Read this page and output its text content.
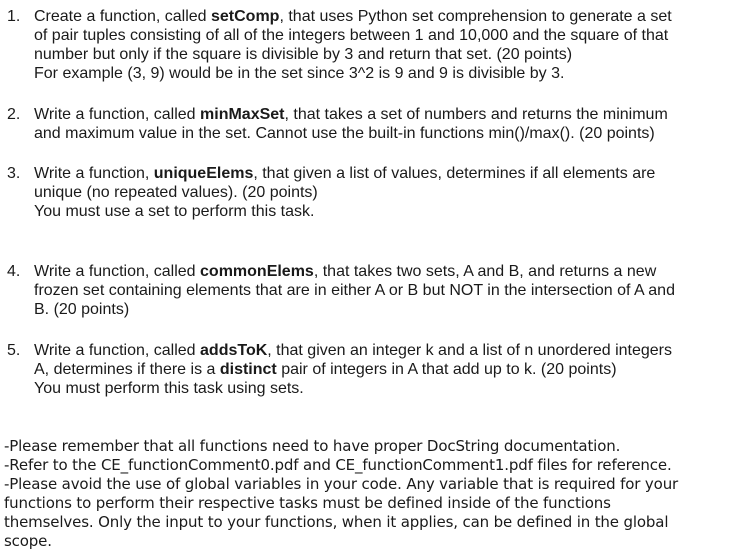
1. Create a function, called setComp, that uses Python set comprehension to generate a set
of pair tuples consisting of all of the integers between 1 and 10,000 and the square of that
number but only if the square is divisible by 3 and return that set. (20 points)
For example (3, 9) would be in the set since 3^2 is 9 and 9 is divisible by 3.
2. Write a function, called minMaxSet, that takes a set of numbers and returns the minimum
and maximum value in the set. Cannot use the built-in functions min()/max(). (20 points)
3. Write a function, uniqueElems, that given a list of values, determines if all elements are
unique (no repeated values). (20 points)
You must use a set to perform this task.
4. Write a function, called commonElems, that takes two sets, A and B, and returns a new
frozen set containing elements that are in either A or B but NOT in the intersection of A and
B. (20 points)
5. Write a function, called addsToK, that given an integer k and a list of n unordered integers
A, determines if there is a distinct pair of integers in A that add up to k. (20 points)
You must perform this task using sets.
-Please remember that all functions need to have proper DocString documentation.
-Refer to the CE_functionComment0.pdf and CE_functionComment1.pdf files for reference.
-Please avoid the use of global variables in your code. Any variable that is required for your
functions to perform their respective tasks must be defined inside of the functions
themselves. Only the input to your functions, when it applies, can be defined in the global
scope.
